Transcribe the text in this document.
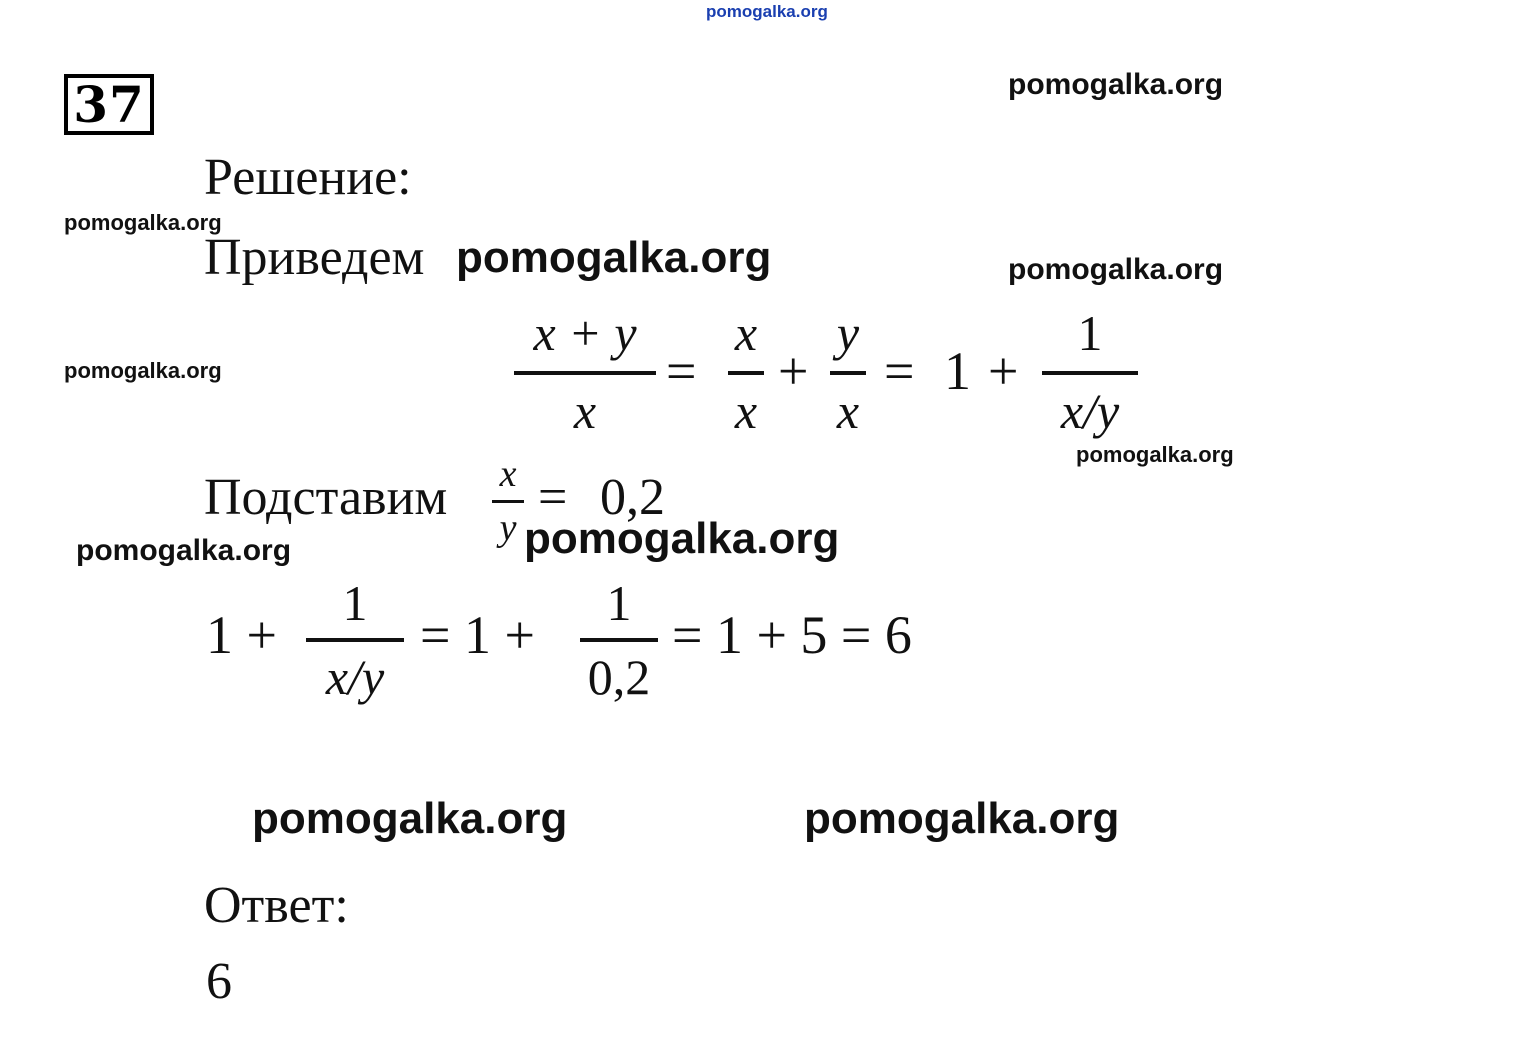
pomogalka.org
37	pomogalka.org
pomogalka.org
pomogalka.org
pomogalka.org
pomogalka.org
pomogalka.org
pomogalka.org	pomogalka.org
Решение:
Приведем pomogalka.org
x + y
x
=
x
x
+
y
x
= 1 +
1
x/y
Подставим x
y
= 0,2
pomogalka.org
1 +
1
x/y
= 1 +
1
0,2
= 1 + 5 = 6
Ответ:
6
